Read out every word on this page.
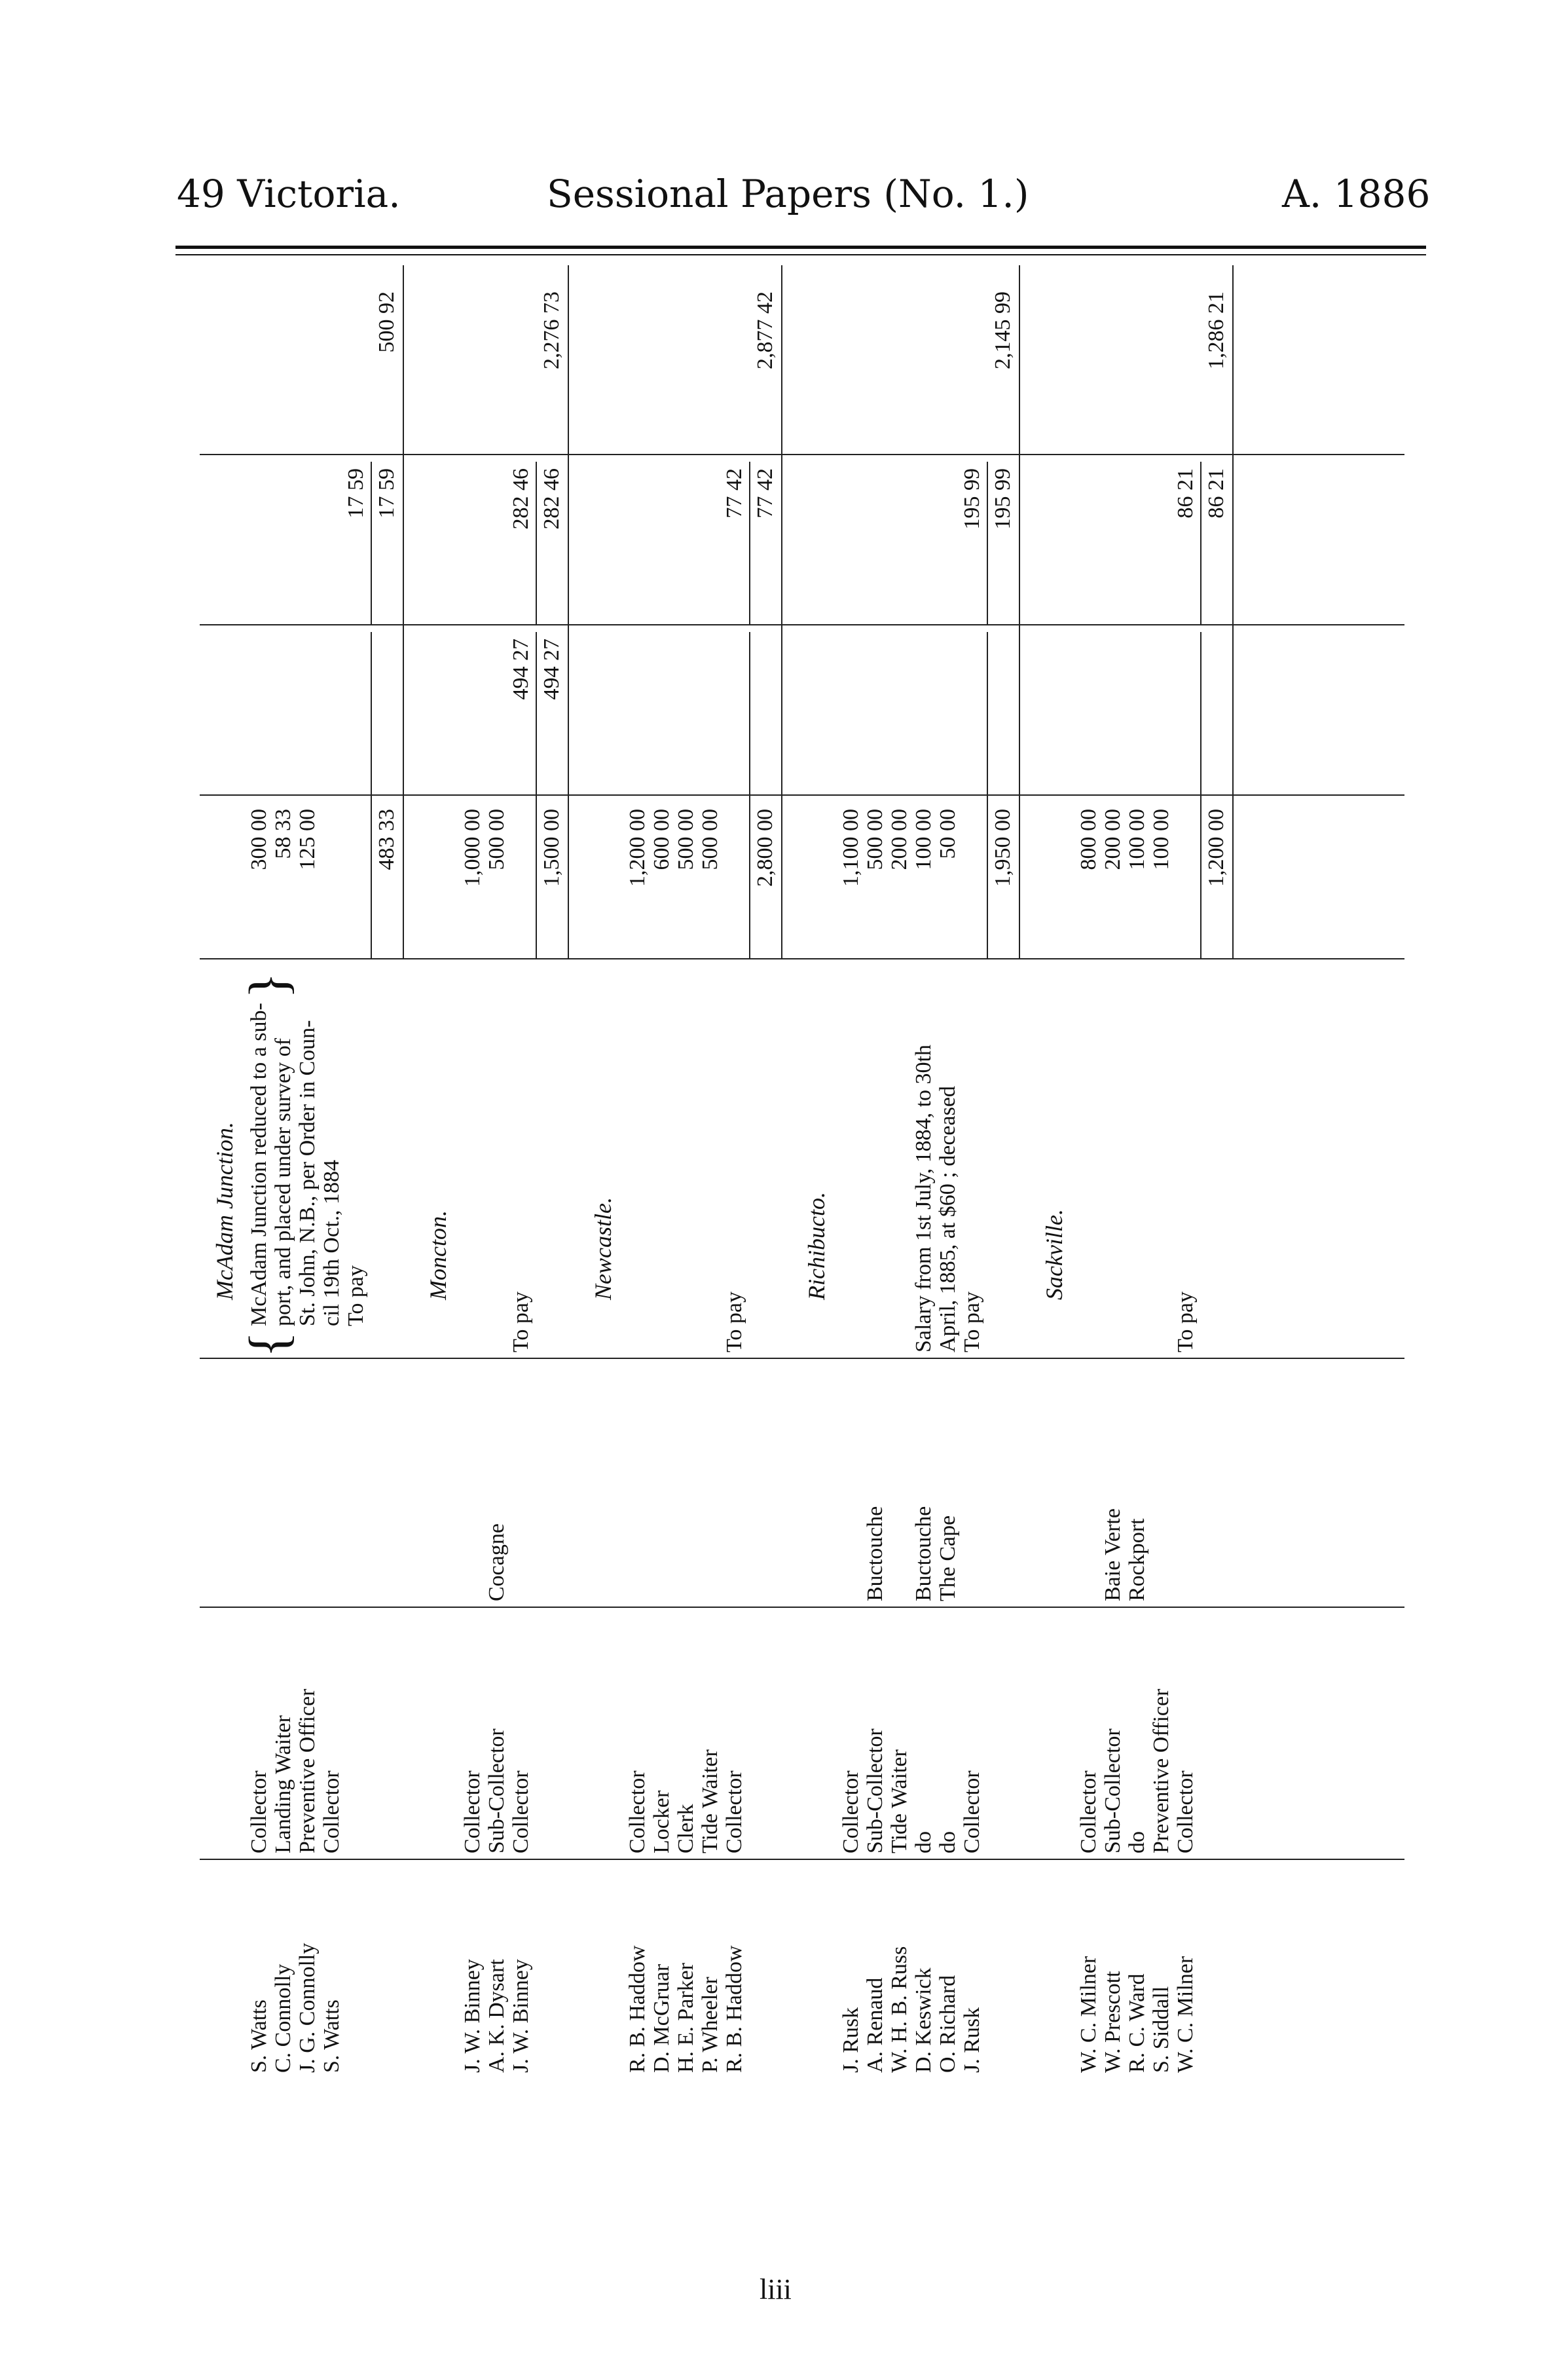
49 Victoria.	Sessional Papers (No. 1.)	A. 1886
McAdam Junction.
{
}
S. Watts
Collector
McAdam Junction reduced to a sub-
300 00
C. Connolly
Landing Waiter
port, and placed under survey of
58 33
J. G. Connolly
Preventive Officer
St. John, N.B., per Order in Coun-
125 00
S. Watts
Collector
cil 19th Oct., 1884 To pay
17 59
483 33
17 59
500 92
Moncton.
J. W. Binney
Collector
1,000 00
A. K. Dysart
Sub-Collector
Cocagne
500 00
J. W. Binney
Collector
To pay
494 27
282 46
1,500 00
494 27
282 46
2,276 73
Newcastle.
R. B. Haddow
Collector
1,200 00
D. McGruar
Locker
600 00
H. E. Parker
Clerk
500 00
P. Wheeler
Tide Waiter
500 00
R. B. Haddow
Collector
To pay
77 42
2,800 00
77 42
2,877 42
Richibucto.
J. Rusk
Collector
1,100 00
A. Renaud
Sub-Collector
Buctouche
500 00
W. H. B. Russ
Tide Waiter
200 00
D. Keswick
do
Buctouche
Salary from 1st July, 1884, to 30th
100 00
O. Richard
do
The Cape
April, 1885, at $60 ; deceased
50 00
J. Rusk
Collector
To pay
195 99
1,950 00
195 99
2,145 99
Sackville.
W. C. Milner
Collector
800 00
W. Prescott
Sub-Collector
Baie Verte
200 00
R. C. Ward
do
Rockport
100 00
S. Siddall
Preventive Officer
100 00
W. C. Milner
Collector
To pay
86 21
1,200 00
86 21
1,286 21
liii
